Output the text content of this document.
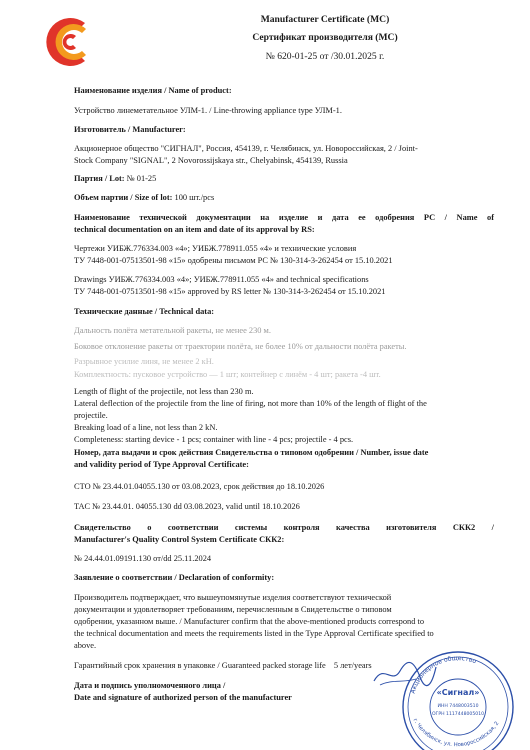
Manufacturer Certificate (MC)
Сертификат производителя (МС)
№ 620-01-25 от /30.01.2025 г.
Наименование изделия / Name of product:
Устройство линеметательное УЛМ-1. / Line-throwing appliance type УЛМ-1.
Изготовитель / Manufacturer:
Акционерное общество "СИГНАЛ", Россия, 454139, г. Челябинск, ул. Новороссийская, 2 / Joint-
Stock Company "SIGNAL", 2 Novorossijskaya str., Chelyabinsk, 454139, Russia
Партия / Lot: № 01-25
Объем партии / Size of lot: 100 шт./pcs
Наименование технической документации на изделие и дата ее одобрения РС / Name of
technical documentation on an item and date of its approval by RS:
Чертежи УИБЖ.776334.003 «4»; УИБЖ.778911.055 «4» и технические условия
ТУ 7448-001-07513501-98 «15» одобрены письмом РС № 130-314-3-262454 от 15.10.2021
Drawings УИБЖ.776334.003 «4»; УИБЖ.778911.055 «4» and technical specifications
ТУ 7448-001-07513501-98 «15» approved by RS letter № 130-314-3-262454 от 15.10.2021
Технические данные / Technical data:
Дальность полёта метательной ракеты, не менее 230 м.
Боковое отклонение ракеты от траектории полёта, не более 10% от дальности полёта ракеты.
Разрывное усилие линя, не менее 2 кН.
Комплектность: пусковое устройство — 1 шт; контейнер с линём - 4 шт; ракета -4 шт.
Length of flight of the projectile, not less than 230 m.
Lateral deflection of the projectile from the line of firing, not more than 10% of the length of flight of the
projectile.
Breaking load of a line, not less than 2 kN.
Completeness: starting device - 1 pcs; container with line - 4 pcs; projectile - 4 pcs.
Номер, дата выдачи и срок действия Свидетельства о типовом одобрении / Number, issue date
and validity period of Type Approval Certificate:
СТО № 23.44.01.04055.130 от 03.08.2023, срок действия до 18.10.2026
TAC № 23.44.01. 04055.130 dd 03.08.2023, valid until 18.10.2026
Свидетельство о соответствии системы контроля качества изготовителя СКК2 /
Manufacturer's Quality Control System Certificate СКК2:
№ 24.44.01.09191.130 от/dd 25.11.2024
Заявление о соответствии / Declaration of conformity:
Производитель подтверждает, что вышеупомянутые изделия соответствуют технической
документации и удовлетворяет требованиям, перечисленным в Свидетельстве о типовом
одобрении, указанном выше. / Manufacturer confirm that the above-mentioned products correspond to
the technical documentation and meets the requirements listed in the Type Approval Certificate specified to
above.
Гарантийный срок хранения в упаковке / Guaranteed packed storage life 5 лет/years
Дата и подпись уполномоченного лица /
Date and signature of authorized person of the manufacturer
Акционерное общество
г. Челябинск, ул. Новороссийская, 2
«Сигнал»
ИНН 7448003510
ОГРН 1117448005010
